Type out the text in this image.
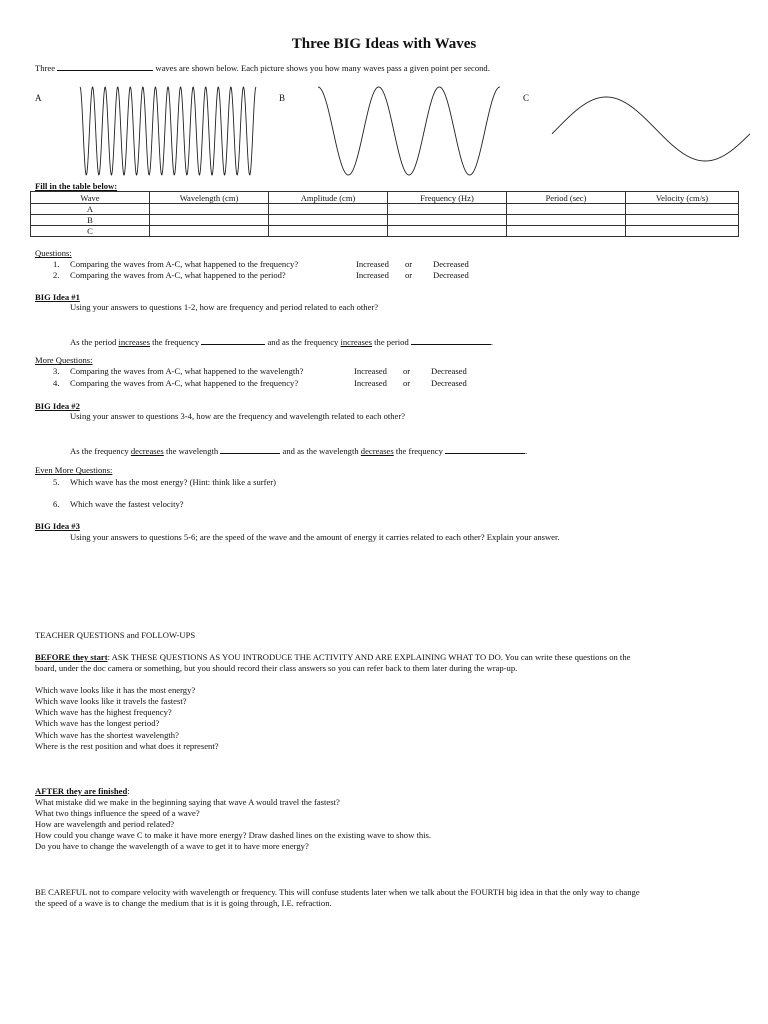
Three BIG Ideas with Waves
Three	waves are shown below. Each picture shows you how many waves pass a given point per second.
A	B	C
Fill in the table below:
Wave	Wavelength (cm)	Amplitude (cm)	Frequency (Hz)	Period (sec)	Velocity (cm/s)
A					
B					
C					
Questions:
1. Comparing the waves from A-C, what happened to the frequency?	Increased or Decreased
2. Comparing the waves from A-C, what happened to the period?	Increased or Decreased
BIG Idea #1
Using your answers to questions 1-2, how are frequency and period related to each other?
As the period increases the frequency	and as the frequency increases the period	.
More Questions:
3. Comparing the waves from A-C, what happened to the wavelength?	Increased or Decreased
4. Comparing the waves from A-C, what happened to the frequency?	Increased or Decreased
BIG Idea #2
Using your answer to questions 3-4, how are the frequency and wavelength related to each other?
As the frequency decreases the wavelength	and as the wavelength decreases the frequency	.
Even More Questions:
5. Which wave has the most energy? (Hint: think like a surfer)
6. Which wave the fastest velocity?
BIG Idea #3
Using your answers to questions 5-6; are the speed of the wave and the amount of energy it carries related to each other? Explain your answer.
TEACHER QUESTIONS and FOLLOW-UPS
BEFORE they start: ASK THESE QUESTIONS AS YOU INTRODUCE THE ACTIVITY AND ARE EXPLAINING WHAT TO DO. You can write these questions on the
board, under the doc camera or something, but you should record their class answers so you can refer back to them later during the wrap-up.
Which wave looks like it has the most energy?
Which wave looks like it travels the fastest?
Which wave has the highest frequency?
Which wave has the longest period?
Which wave has the shortest wavelength?
Where is the rest position and what does it represent?
AFTER they are finished:
What mistake did we make in the beginning saying that wave A would travel the fastest?
What two things influence the speed of a wave?
How are wavelength and period related?
How could you change wave C to make it have more energy? Draw dashed lines on the existing wave to show this.
Do you have to change the wavelength of a wave to get it to have more energy?
BE CAREFUL not to compare velocity with wavelength or frequency. This will confuse students later when we talk about the FOURTH big idea in that the only way to change
the speed of a wave is to change the medium that is it is going through, I.E. refraction.
